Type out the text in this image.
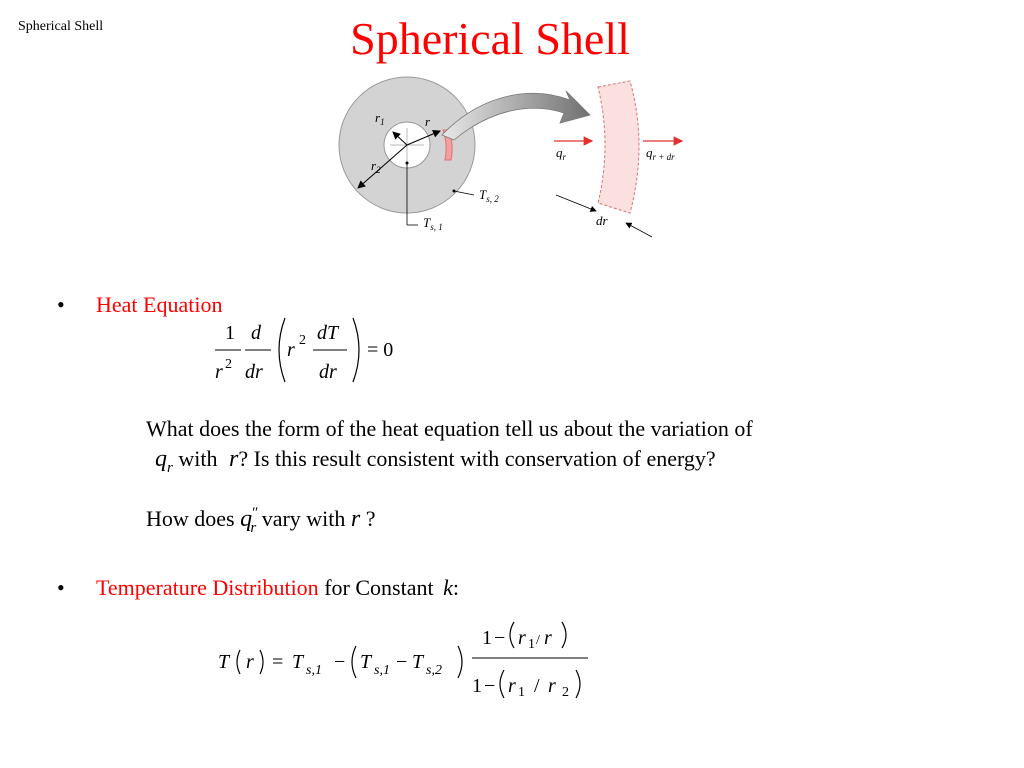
Spherical Shell	Spherical Shell
$r_1$	r
$r_2$
$T_{s, 2}$
$T_{s, 1}$
$q_r$	$q_{r + dr}$
dr
• Heat Equation
1
r 2
d
dr
r 2 dT
dr
= 0
What does the form of the heat equation tell us about the variation of
$q_r$ with r? Is this result consistent with conservation of energy?
How does $q''_r$ vary with r ?
• Temperature Distribution for Constant k:
T r = T s,1 − T s,1 − T s,2
1 − r 1 / r
1 − r 1 / r 2
